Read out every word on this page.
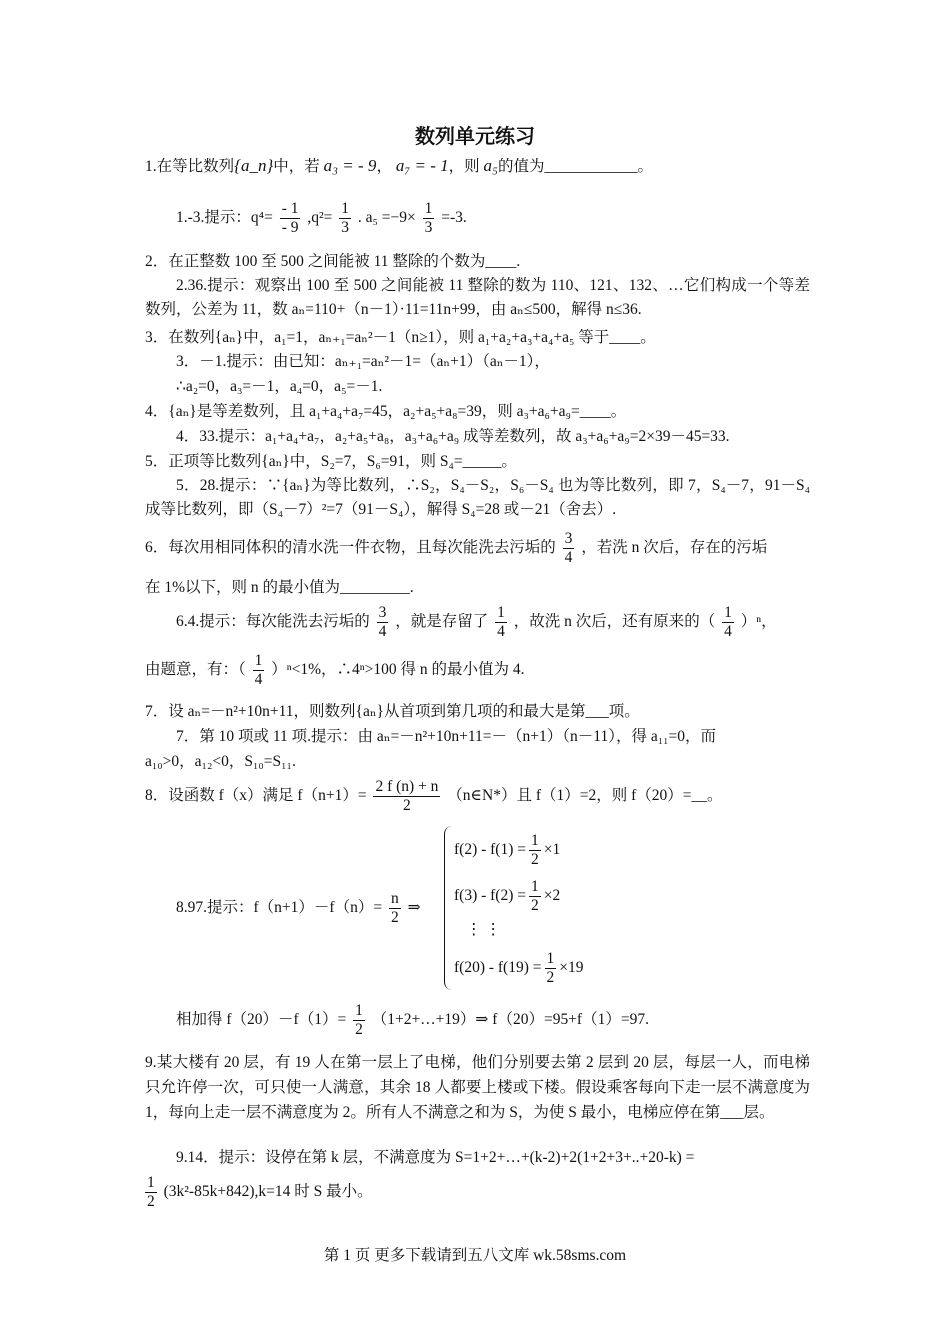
数列单元练习
1.在等比数列{a_n}中，若 a₃ = - 9， a₇ = - 1，则 a₅的值为____________。
1.-3.提示：$q^4= \frac{- 1}{- 9} ,q^2= \frac{1}{3}$ . $a_5 =-9\times \frac{1}{3} =-3$.
2．在正整数 100 至 500 之间能被 11 整除的个数为____.
2.36.提示：观察出 100 至 500 之间能被 11 整除的数为 110、121、132、…它们构成一个等差数列，公差为 11，数 aₙ=110+（n－1）·11=11n+99，由 aₙ≤500，解得 n≤36.
3．在数列{aₙ}中，a₁=1，aₙ₊₁=aₙ²－1（n≥1），则 a₁+a₂+a₃+a₄+a₅ 等于____。
3．－1.提示：由已知：aₙ₊₁=aₙ²－1=（aₙ+1）（aₙ－1），
∴a₂=0，a₃=－1，a₄=0，a₅=－1.
4．{aₙ}是等差数列，且 a₁+a₄+a₇=45，a₂+a₅+a₈=39，则 a₃+a₆+a₉=____。
4．33.提示：a₁+a₄+a₇，a₂+a₅+a₈，a₃+a₆+a₉ 成等差数列，故 a₃+a₆+a₉=2×39－45=33.
5．正项等比数列{aₙ}中，S₂=7，S₆=91，则 S₄=_____。
5．28.提示：∵{aₙ}为等比数列，∴S₂，S₄－S₂，S₆－S₄ 也为等比数列，即 7，S₄－7，91－S₄ 成等比数列，即（S₄－7）²=7（91－S₄），解得 S₄=28 或－21（舍去）.
6．每次用相同体积的清水洗一件衣物，且每次能洗去污垢的 $\frac{3}{4}$ ，若洗 n 次后，存在的污垢
在 1%以下，则 n 的最小值为_________.
6.4.提示：每次能洗去污垢的 $\frac{3}{4}$ ，就是存留了 $\frac{1}{4}$ ，故洗 n 次后，还有原来的（ $\frac{1}{4} )^n$，
由题意，有：（ $\frac{1}{4} )^n<1\%$，∴4ⁿ>100 得 n 的最小值为 4.
7．设 aₙ=－n²+10n+11，则数列{aₙ}从首项到第几项的和最大是第___项。
7．第 10 项或 11 项.提示：由 aₙ=－n²+10n+11=－（n+1）（n－11），得 a₁₁=0，而
a₁₀>0，a₁₂<0，S₁₀=S₁₁.
8．设函数 f（x）满足 $f(n+1)= \frac{2 f (n) + n}{2}$ （n∈N*）且 f（1）=2，则 f（20）=__。
8.97.提示：$f(n+1)-f(n)= \frac{n}{2}$ ⇒
$f(2) - f(1) = \frac{1}{2} \times 1$
$f(3) - f(2) = \frac{1}{2} \times 2$
⋮ ⋮
$f(20) - f(19) = \frac{1}{2} \times 19$
相加得 $f(20)-f(1)= \frac{1}{2}$ （1+2+…+19）⇒ f（20）=95+f（1）=97.
9.某大楼有 20 层，有 19 人在第一层上了电梯，他们分别要去第 2 层到 20 层，每层一人，而电梯只允许停一次，可只使一人满意，其余 18 人都要上楼或下楼。假设乘客每向下走一层不满意度为 1，每向上走一层不满意度为 2。所有人不满意之和为 S，为使 S 最小，电梯应停在第___层。
9.14．提示：设停在第 k 层，不满意度为 S=1+2+…+(k-2)+2(1+2+3+..+20-k) =
$\frac{1}{2} (3k^2-85k+842),k=14$ 时 S 最小。
第 1 页 更多下载请到五八文库 wk.58sms.com
